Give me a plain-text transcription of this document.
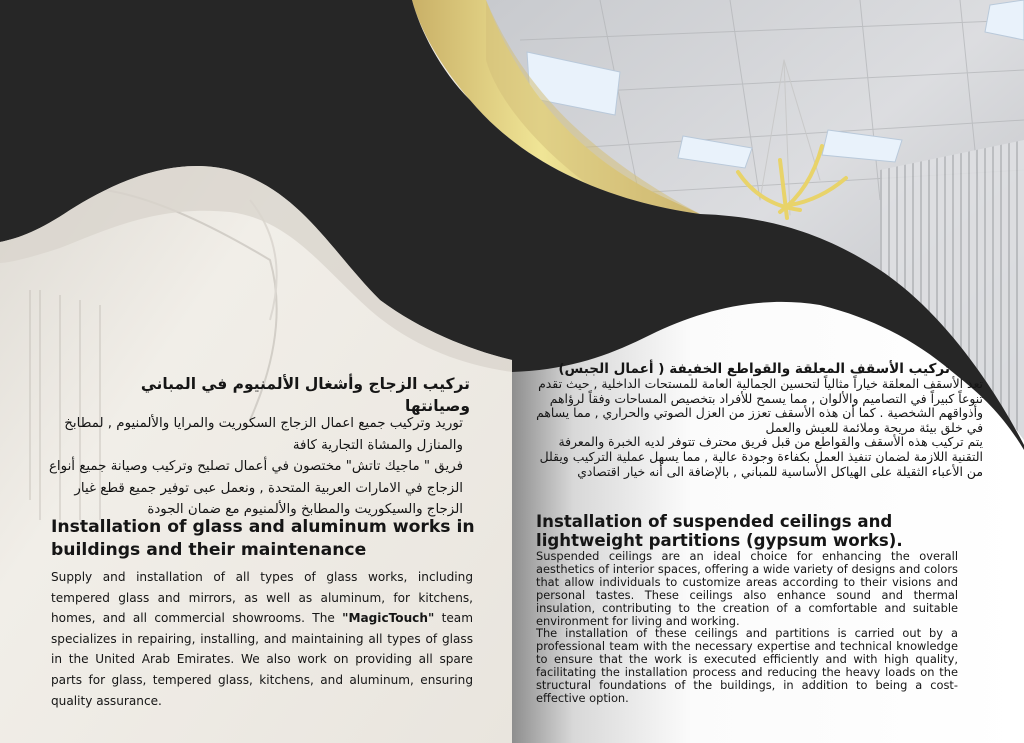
تركيب الزجاج وأشغال الألمنيوم في المباني وصيانتها

توريد وتركيب جميع اعمال الزجاج السكوريت والمرايا والألمنيوم , لمطابخ والمنازل والمشاة التجارية كافة

فريق " ماجيك تاتش" مختصون في أعمال تصليح وتركيب وصيانة جميع أنواع الزجاج في الامارات العربية المتحدة , ونعمل عبى توفير جميع قطع غيار الزجاج والسيكوريت والمطابخ والألمنيوم مع ضمان الجودة

Installation of glass and aluminum works in buildings and their maintenance
Supply and installation of all types of glass works, including tempered glass and mirrors, as well as aluminum, for kitchens, homes, and all commercial showrooms. The "MagicTouch" team specializes in repairing, installing, and maintaining all types of glass in the United Arab Emirates. We also work on providing all spare parts for glass, tempered glass, kitchens, and aluminum, ensuring quality assurance.
تركيب الأسقف المعلقة والقواطع الخفيفة ( أعمال الجبس)

تعد الأسقف المعلقة خياراً مثالياً لتحسين الجمالية العامة للمستحات الداخلية , حيث تقدم تنوعاً كبيراً في التصاميم والألوان , مما يسمح للأفراد بتخصيص المساحات وفقاً لرؤاهم وأذواقهم الشخصية . كما أن هذه الأسقف تعزز من العزل الصوتي والحراري , مما يساهم في خلق بيئة مريحة وملائمة للعيش والعمل

يتم تركيب هذه الأسقف والقواطع من قبل فريق محترف تتوفر لديه الخبرة والمعرفة التقنية اللازمة لضمان تنفيذ العمل بكفاءة وجودة عالية , مما يسهل عملية التركيب ويقلل من الأعباء الثقيلة على الهياكل الأساسية للمباني , بالإضافة الى أنه خيار اقتصادي

Installation of suspended ceilings and lightweight partitions (gypsum works).

Suspended ceilings are an ideal choice for enhancing the overall aesthetics of interior spaces, offering a wide variety of designs and colors that allow individuals to customize areas according to their visions and personal tastes. These ceilings also enhance sound and thermal insulation, contributing to the creation of a comfortable and suitable environment for living and working.

The installation of these ceilings and partitions is carried out by a professional team with the necessary expertise and technical knowledge to ensure that the work is executed efficiently and with high quality, facilitating the installation process and reducing the heavy loads on the structural foundations of the buildings, in addition to being a cost-effective option.
